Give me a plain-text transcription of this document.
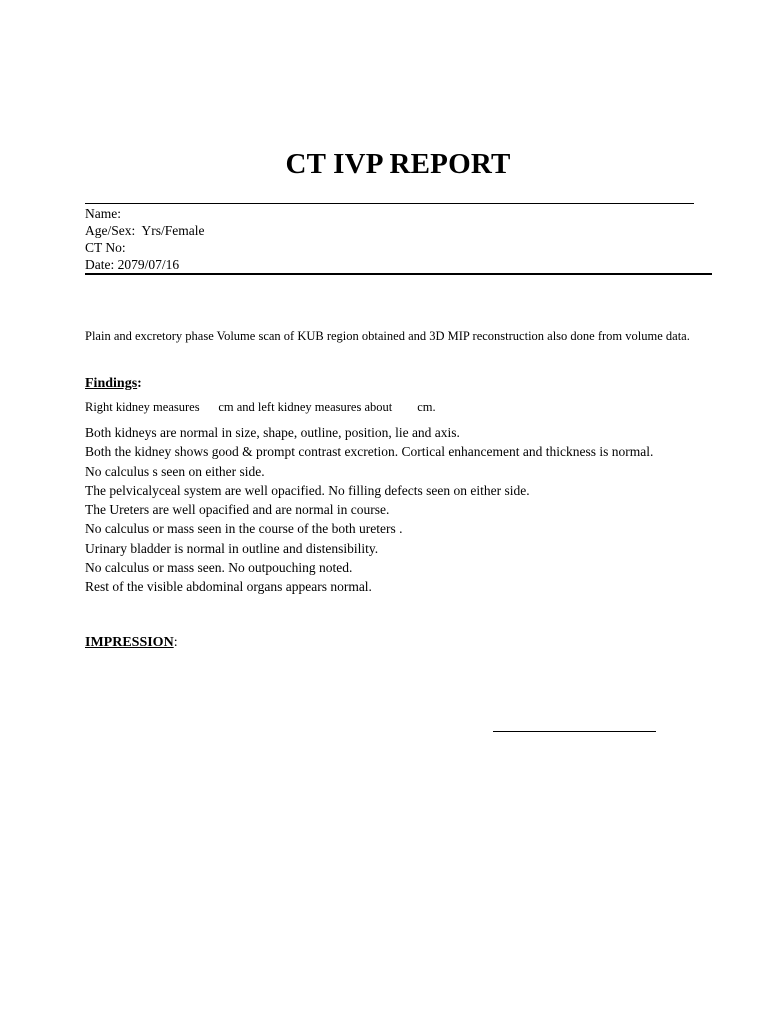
CT IVP REPORT
Name:
Age/Sex:  Yrs/Female
CT No:
Date: 2079/07/16
Plain and excretory phase Volume scan of KUB region obtained and 3D MIP reconstruction also done from volume data.
Findings:
Right kidney measures      cm and left kidney measures about        cm.

Both kidneys are normal in size, shape, outline, position, lie and axis.

Both the kidney shows good & prompt contrast excretion. Cortical enhancement and thickness is normal.

No calculus s seen on either side.

The pelvicalyceal system are well opacified. No filling defects seen on either side.

The Ureters are well opacified and are normal in course.

No calculus or mass seen in the course of the both ureters .

Urinary bladder is normal in outline and distensibility.

No calculus or mass seen. No outpouching noted.

Rest of the visible abdominal organs appears normal.

IMPRESSION:
